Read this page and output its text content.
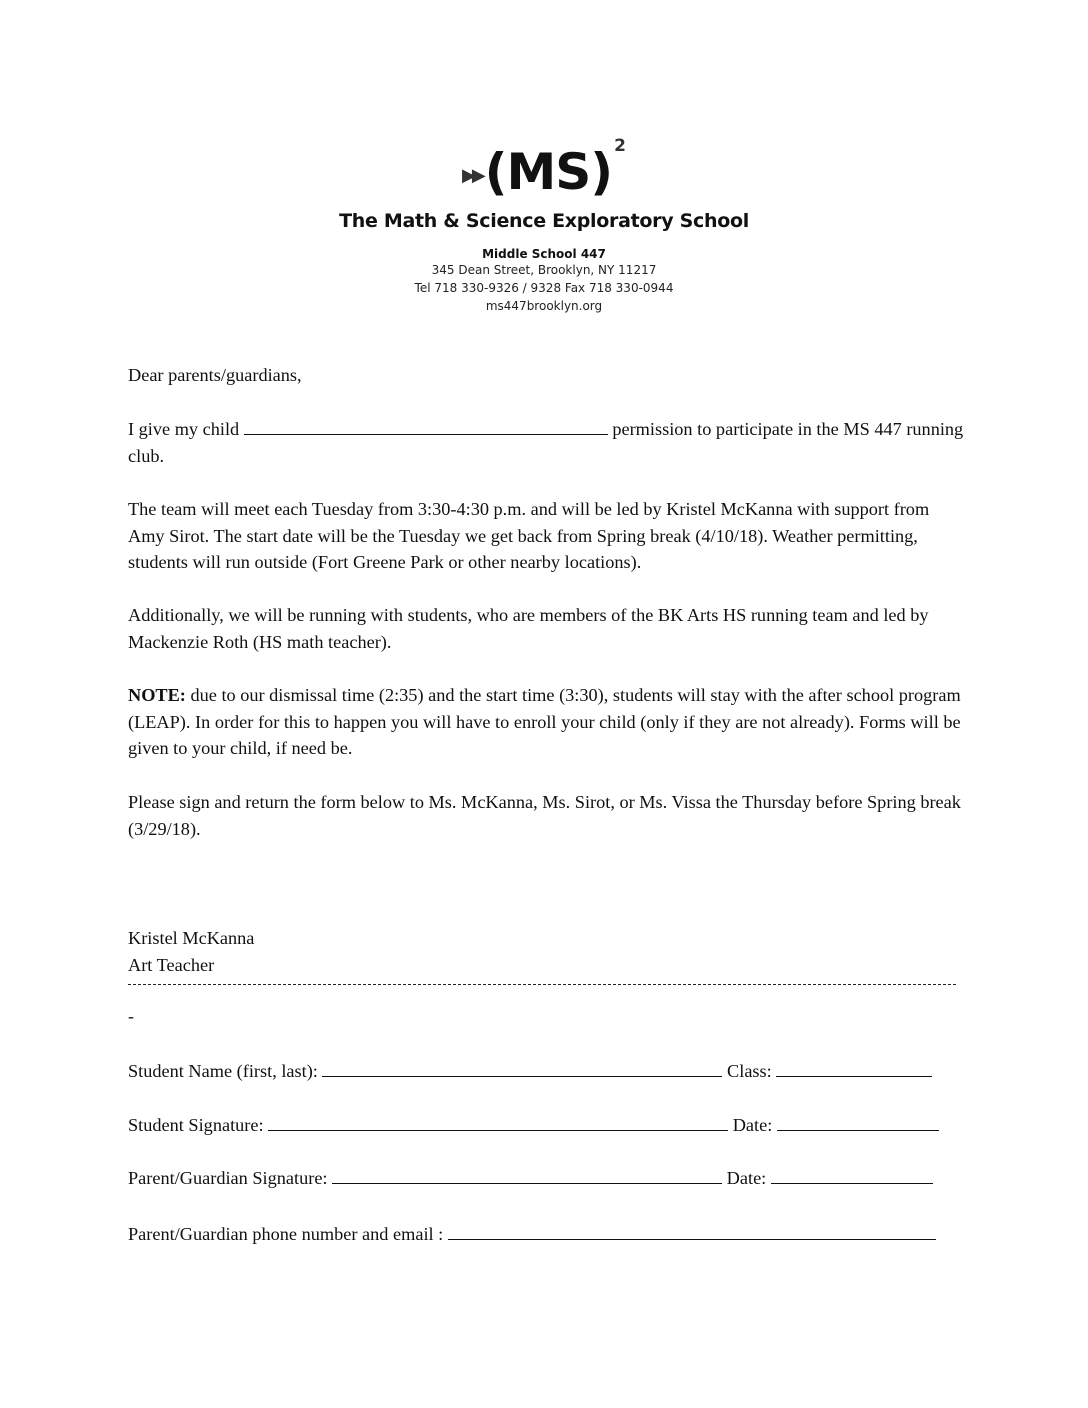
▶▶ (MS) 2
The Math & Science Exploratory School
Middle School 447
345 Dean Street, Brooklyn, NY 11217
Tel 718 330-9326 / 9328 Fax 718 330-0944
ms447brooklyn.org
Dear parents/guardians,
I give my child	permission to participate in the MS 447 running club.
The team will meet each Tuesday from 3:30-4:30 p.m. and will be led by Kristel McKanna with support from Amy Sirot. The start date will be the Tuesday we get back from Spring break (4/10/18). Weather permitting, students will run outside (Fort Greene Park or other nearby locations).
Additionally, we will be running with students, who are members of the BK Arts HS running team and led by Mackenzie Roth (HS math teacher).
NOTE: due to our dismissal time (2:35) and the start time (3:30), students will stay with the after school program (LEAP). In order for this to happen you will have to enroll your child (only if they are not already). Forms will be given to your child, if need be.
Please sign and return the form below to Ms. McKanna, Ms. Sirot, or Ms. Vissa the Thursday before Spring break (3/29/18).
Kristel McKanna
Art Teacher
-
Student Name (first, last):	Class:
Student Signature:	Date:
Parent/Guardian Signature:	Date:
Parent/Guardian phone number and email :
